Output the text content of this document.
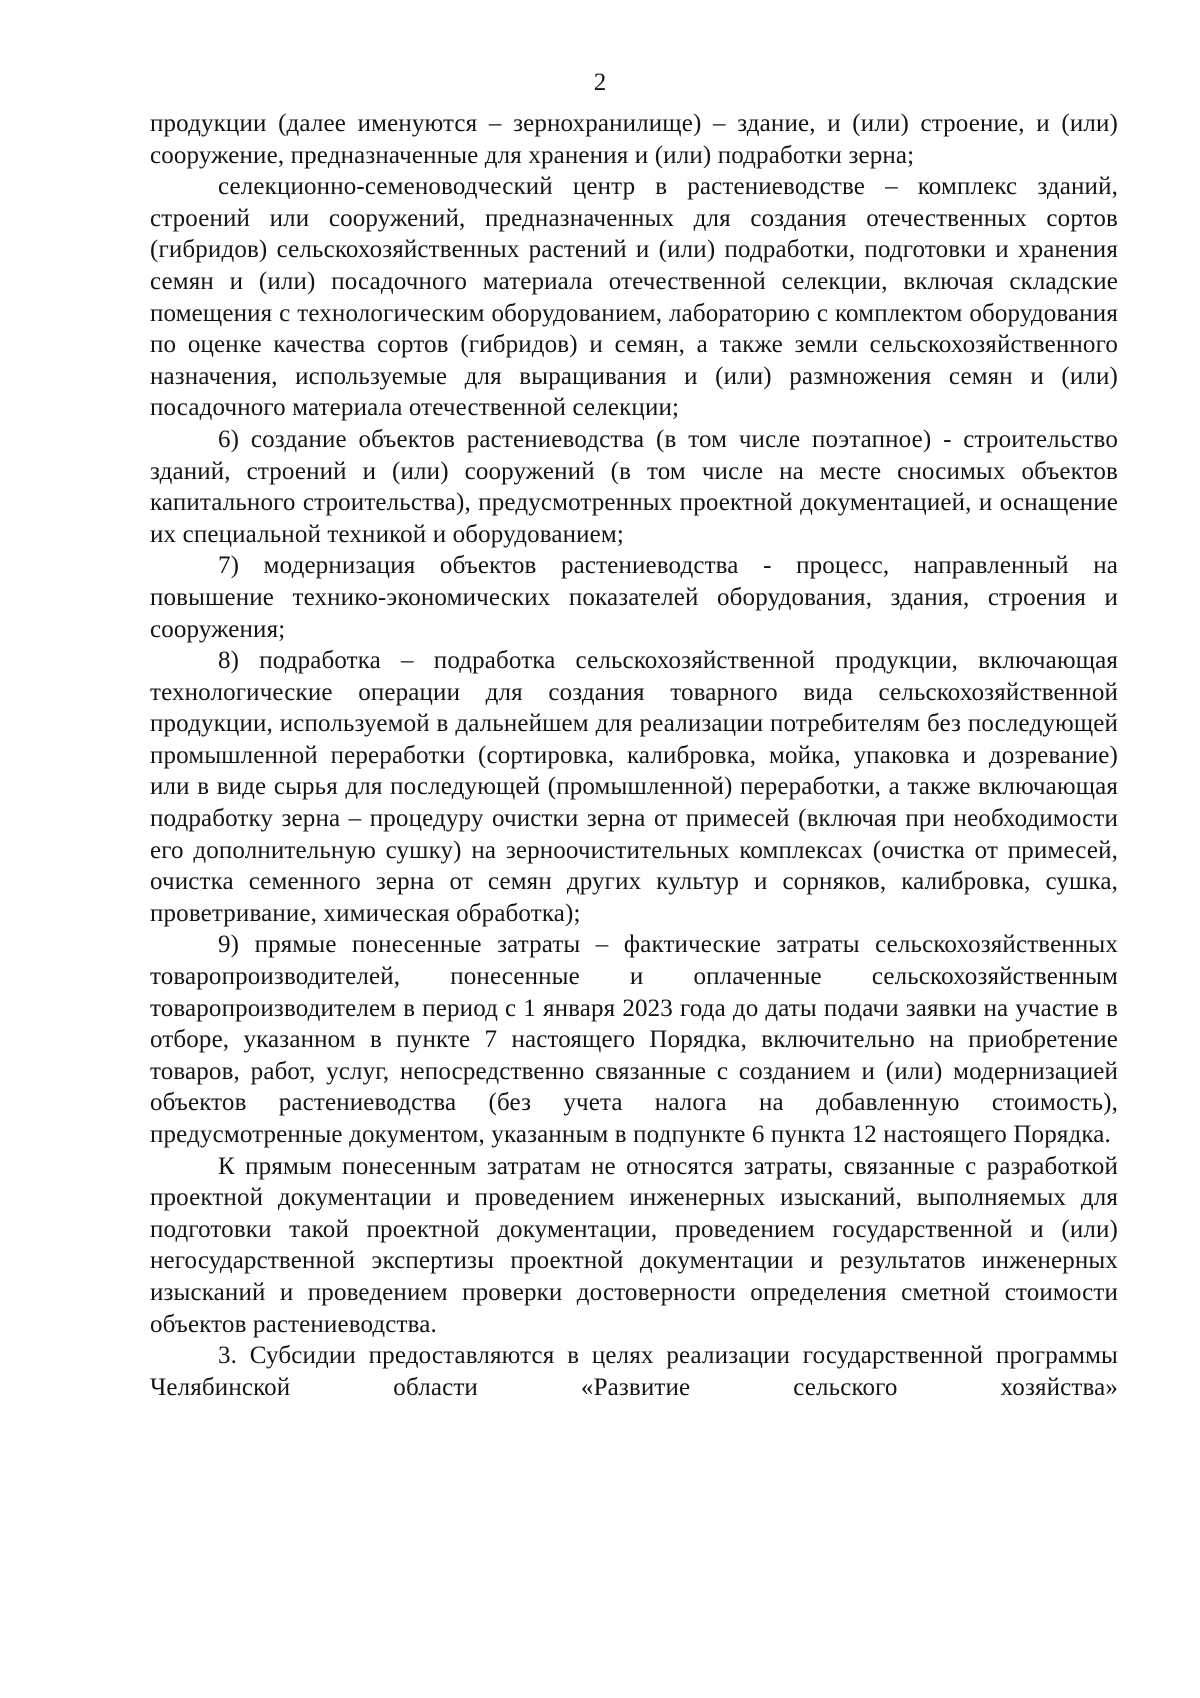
2

продукции (далее именуются – зернохранилище) – здание, и (или) строение, и (или) сооружение, предназначенные для хранения и (или) подработки зерна;

селекционно-семеноводческий центр в растениеводстве – комплекс зданий, строений или сооружений, предназначенных для создания отечественных сортов (гибридов) сельскохозяйственных растений и (или) подработки, подготовки и хранения семян и (или) посадочного материала отечественной селекции, включая складские помещения с технологическим оборудованием, лабораторию с комплектом оборудования по оценке качества сортов (гибридов) и семян, а также земли сельскохозяйственного назначения, используемые для выращивания и (или) размножения семян и (или) посадочного материала отечественной селекции;

6) создание объектов растениеводства (в том числе поэтапное) - строительство зданий, строений и (или) сооружений (в том числе на месте сносимых объектов капитального строительства), предусмотренных проектной документацией, и оснащение их специальной техникой и оборудованием;

7) модернизация объектов растениеводства - процесс, направленный на повышение технико-экономических показателей оборудования, здания, строения и сооружения;

8) подработка – подработка сельскохозяйственной продукции, включающая технологические операции для создания товарного вида сельскохозяйственной продукции, используемой в дальнейшем для реализации потребителям без последующей промышленной переработки (сортировка, калибровка, мойка, упаковка и дозревание) или в виде сырья для последующей (промышленной) переработки, а также включающая подработку зерна – процедуру очистки зерна от примесей (включая при необходимости его дополнительную сушку) на зерноочистительных комплексах (очистка от примесей, очистка семенного зерна от семян других культур и сорняков, калибровка, сушка, проветривание, химическая обработка);

9) прямые понесенные затраты – фактические затраты сельскохозяйственных товаропроизводителей, понесенные и оплаченные сельскохозяйственным товаропроизводителем в период с 1 января 2023 года до даты подачи заявки на участие в отборе, указанном в пункте 7 настоящего Порядка, включительно на приобретение товаров, работ, услуг, непосредственно связанные с созданием и (или) модернизацией объектов растениеводства (без учета налога на добавленную стоимость), предусмотренные документом, указанным в подпункте 6 пункта 12 настоящего Порядка.

К прямым понесенным затратам не относятся затраты, связанные с разработкой проектной документации и проведением инженерных изысканий, выполняемых для подготовки такой проектной документации, проведением государственной и (или) негосударственной экспертизы проектной документации и результатов инженерных изысканий и проведением проверки достоверности определения сметной стоимости объектов растениеводства.

3. Субсидии предоставляются в целях реализации государственной программы Челябинской области «Развитие сельского хозяйства»
